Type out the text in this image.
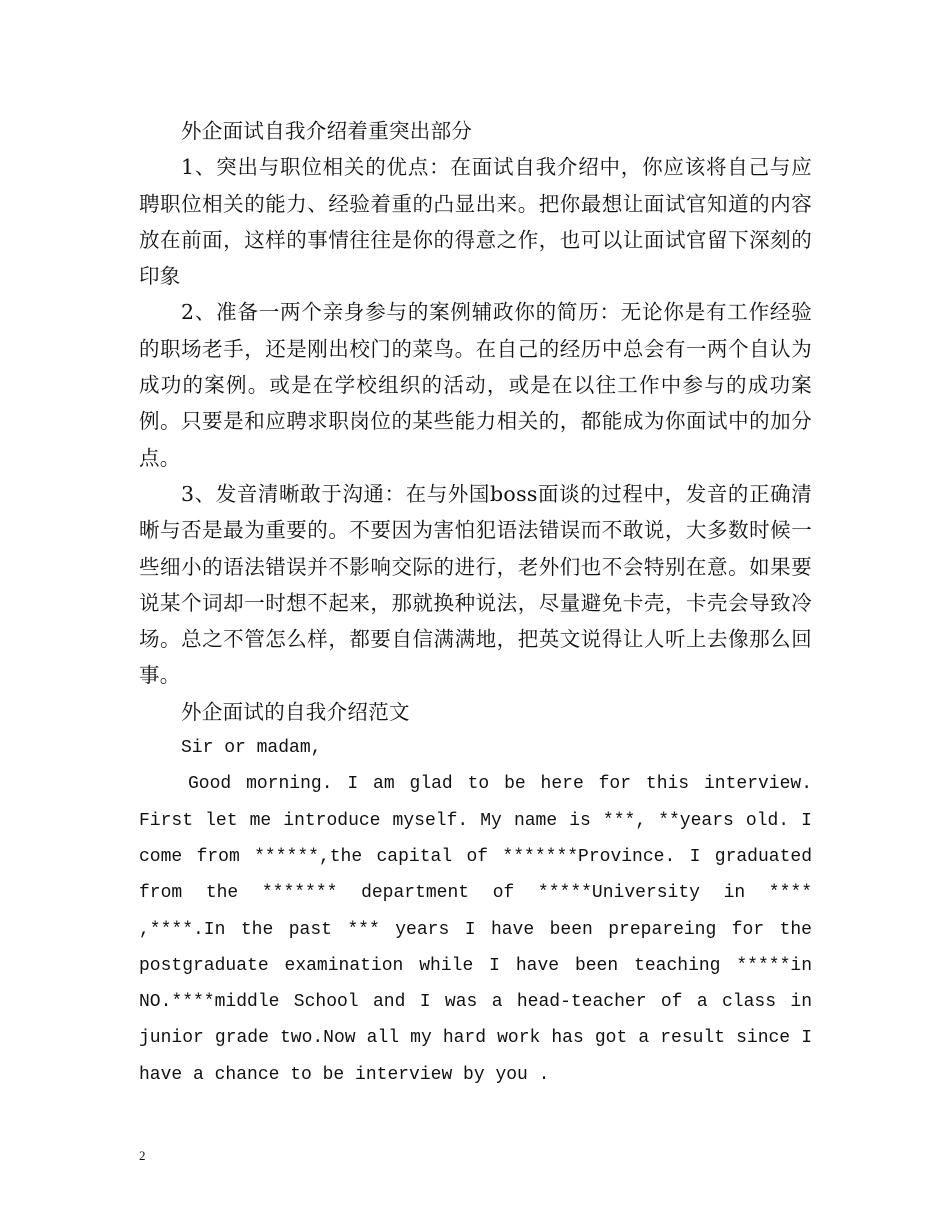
外企面试自我介绍着重突出部分

1、突出与职位相关的优点：在面试自我介绍中，你应该将自己与应聘职位相关的能力、经验着重的凸显出来。把你最想让面试官知道的内容放在前面，这样的事情往往是你的得意之作，也可以让面试官留下深刻的印象

2、准备一两个亲身参与的案例辅政你的简历：无论你是有工作经验的职场老手，还是刚出校门的菜鸟。在自己的经历中总会有一两个自认为成功的案例。或是在学校组织的活动，或是在以往工作中参与的成功案例。只要是和应聘求职岗位的某些能力相关的，都能成为你面试中的加分点。

3、发音清晰敢于沟通：在与外国boss面谈的过程中，发音的正确清晰与否是最为重要的。不要因为害怕犯语法错误而不敢说，大多数时候一些细小的语法错误并不影响交际的进行，老外们也不会特别在意。如果要说某个词却一时想不起来，那就换种说法，尽量避免卡壳，卡壳会导致冷场。总之不管怎么样，都要自信满满地，把英文说得让人听上去像那么回事。

外企面试的自我介绍范文

Sir or madam,

Good morning. I am glad to be here for this interview. First let me introduce myself. My name is ***, **years old. I come from ******,the capital of *******Province. I graduated from the ******* department of *****University in **** ,****.In the past *** years I have been prepareing for the postgraduate examination while I have been teaching *****in NO.****middle School and I was a head-teacher of a class in junior grade two.Now all my hard work has got a result since I have a chance to be interview by you .

2
